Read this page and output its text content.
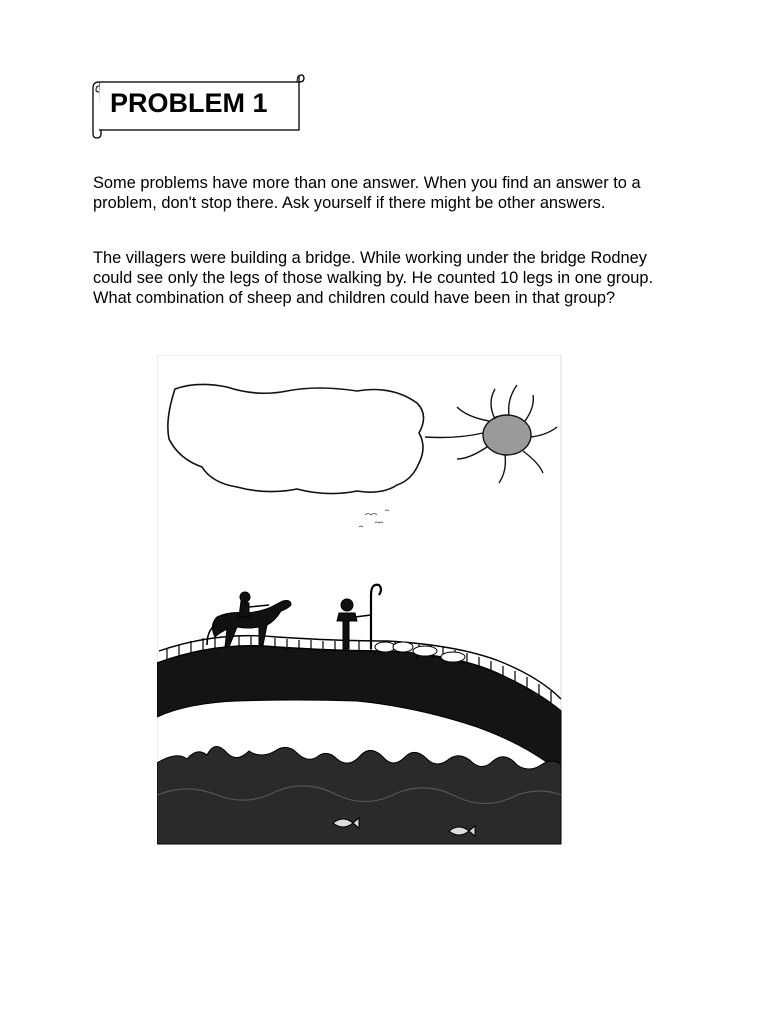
PROBLEM 1

Some problems have more than one answer. When you find an answer to a problem, don't stop there. Ask yourself if there might be other answers.

The villagers were building a bridge. While working under the bridge Rodney could see only the legs of those walking by. He counted 10 legs in one group. What combination of sheep and children could have been in that group?
